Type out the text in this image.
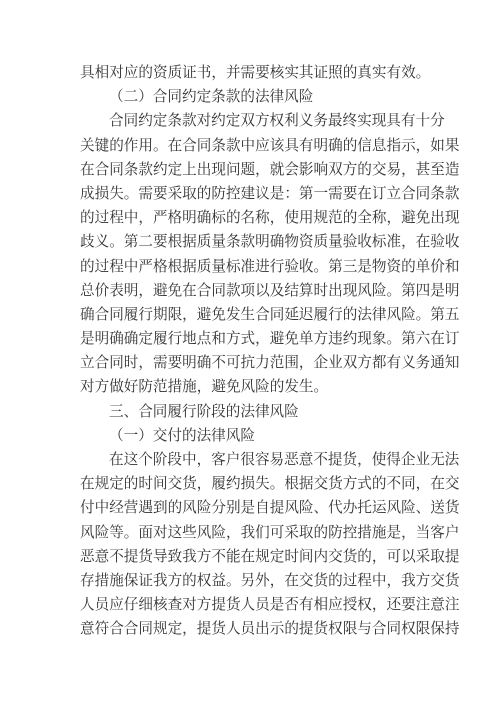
具相对应的资质证书，并需要核实其证照的真实有效。
（二）合同约定条款的法律风险
合同约定条款对约定双方权利义务最终实现具有十分
关键的作用。在合同条款中应该具有明确的信息指示，如果
在合同条款约定上出现问题，就会影响双方的交易，甚至造
成损失。需要采取的防控建议是：第一需要在订立合同条款
的过程中，严格明确标的名称，使用规范的全称，避免出现
歧义。第二要根据质量条款明确物资质量验收标准，在验收
的过程中严格根据质量标准进行验收。第三是物资的单价和
总价表明，避免在合同款项以及结算时出现风险。第四是明
确合同履行期限，避免发生合同延迟履行的法律风险。第五
是明确确定履行地点和方式，避免单方违约现象。第六在订
立合同时，需要明确不可抗力范围，企业双方都有义务通知
对方做好防范措施，避免风险的发生。
三、合同履行阶段的法律风险
（一）交付的法律风险
在这个阶段中，客户很容易恶意不提货，使得企业无法
在规定的时间交货，履约损失。根据交货方式的不同，在交
付中经营遇到的风险分别是自提风险、代办托运风险、送货
风险等。面对这些风险，我们可采取的防控措施是，当客户
恶意不提货导致我方不能在规定时间内交货的，可以采取提
存措施保证我方的权益。另外，在交货的过程中，我方交货
人员应仔细核查对方提货人员是否有相应授权，还要注意注
意符合合同规定，提货人员出示的提货权限与合同权限保持
